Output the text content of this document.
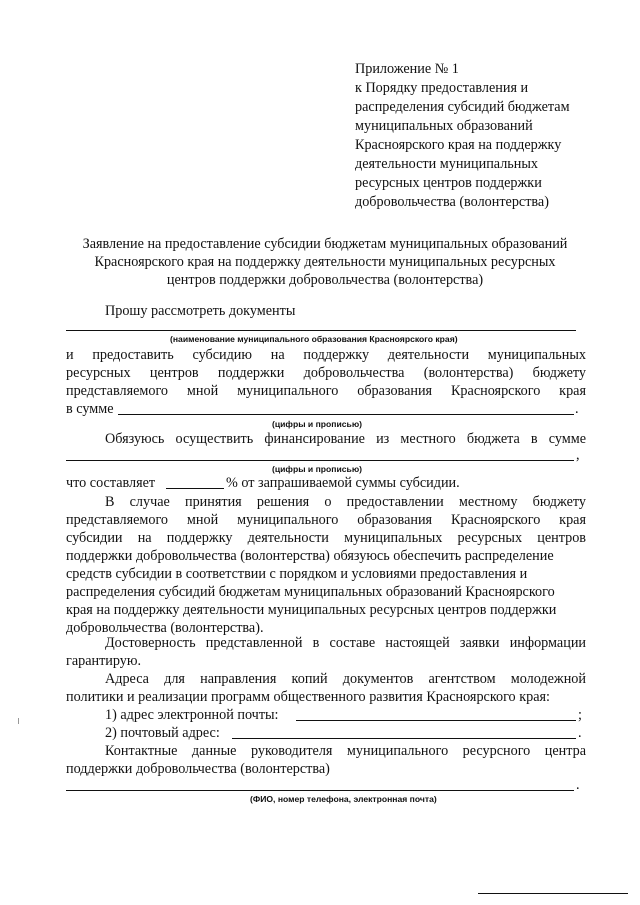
Приложение № 1
к Порядку предоставления и
распределения субсидий бюджетам
муниципальных образований
Красноярского края на поддержку
деятельности муниципальных
ресурсных центров поддержки
добровольчества (волонтерства)
Заявление на предоставление субсидии бюджетам муниципальных образований
Красноярского края на поддержку деятельности муниципальных ресурсных
центров поддержки добровольчества (волонтерства)
Прошу рассмотреть документы
(наименование муниципального образования Красноярского края)
и предоставить субсидию на поддержку деятельности муниципальных
ресурсных центров поддержки добровольчества (волонтерства) бюджету
представляемого мной муниципального образования Красноярского края
в сумме	.
(цифры и прописью)
Обязуюсь осуществить финансирование из местного бюджета в сумме
,
(цифры и прописью)
что составляет	% от запрашиваемой суммы субсидии.
В случае принятия решения о предоставлении местному бюджету
представляемого мной муниципального образования Красноярского края
субсидии на поддержку деятельности муниципальных ресурсных центров
поддержки добровольчества (волонтерства) обязуюсь обеспечить распределение
средств субсидии в соответствии с порядком и условиями предоставления и
распределения субсидий бюджетам муниципальных образований Красноярского
края на поддержку деятельности муниципальных ресурсных центров поддержки
добровольчества (волонтерства).
Достоверность представленной в составе настоящей заявки информации
гарантирую.
Адреса для направления копий документов агентством молодежной
политики и реализации программ общественного развития Красноярского края:
1) адрес электронной почты:	;
2) почтовый адрес:	.
Контактные данные руководителя муниципального ресурсного центра
поддержки добровольчества (волонтерства)
.
(ФИО, номер телефона, электронная почта)
